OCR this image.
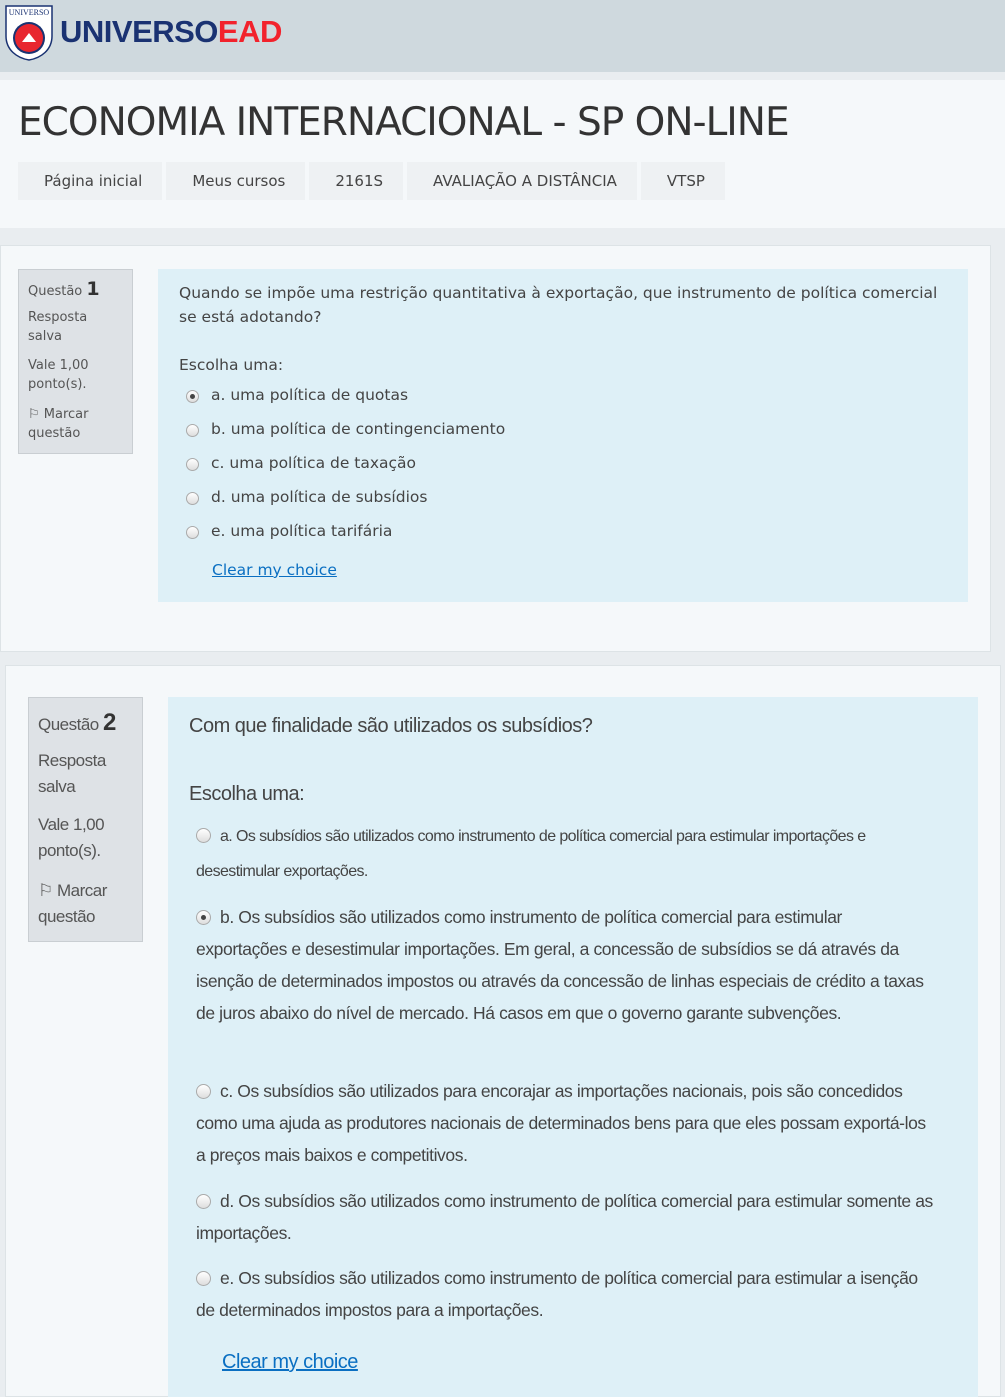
UNIVERSO
UNIVERSOEAD
ECONOMIA INTERNACIONAL - SP ON-LINE
Página inicial	Meus cursos	2161S	AVALIAÇÃO A DISTÂNCIA	VTSP
Questão 1
Resposta salva
Vale 1,00 ponto(s).
⚐ Marcar questão
Quando se impõe uma restrição quantitativa à exportação, que instrumento de política comercial se está adotando?
Escolha uma:
a. uma política de quotas
b. uma política de contingenciamento
c. uma política de taxação
d. uma política de subsídios
e. uma política tarifária
Clear my choice
Questão 2
Resposta salva
Vale 1,00 ponto(s).
⚐ Marcar questão
Com que finalidade são utilizados os subsídios?
Escolha uma:
a. Os subsídios são utilizados como instrumento de política comercial para estimular importações e desestimular exportações.
b. Os subsídios são utilizados como instrumento de política comercial para estimular exportações e desestimular importações. Em geral, a concessão de subsídios se dá através da isenção de determinados impostos ou através da concessão de linhas especiais de crédito a taxas de juros abaixo do nível de mercado. Há casos em que o governo garante subvenções.
c. Os subsídios são utilizados para encorajar as importações nacionais, pois são concedidos como uma ajuda as produtores nacionais de determinados bens para que eles possam exportá-los a preços mais baixos e competitivos.
d. Os subsídios são utilizados como instrumento de política comercial para estimular somente as importações.
e. Os subsídios são utilizados como instrumento de política comercial para estimular a isenção de determinados impostos para a importações.
Clear my choice
